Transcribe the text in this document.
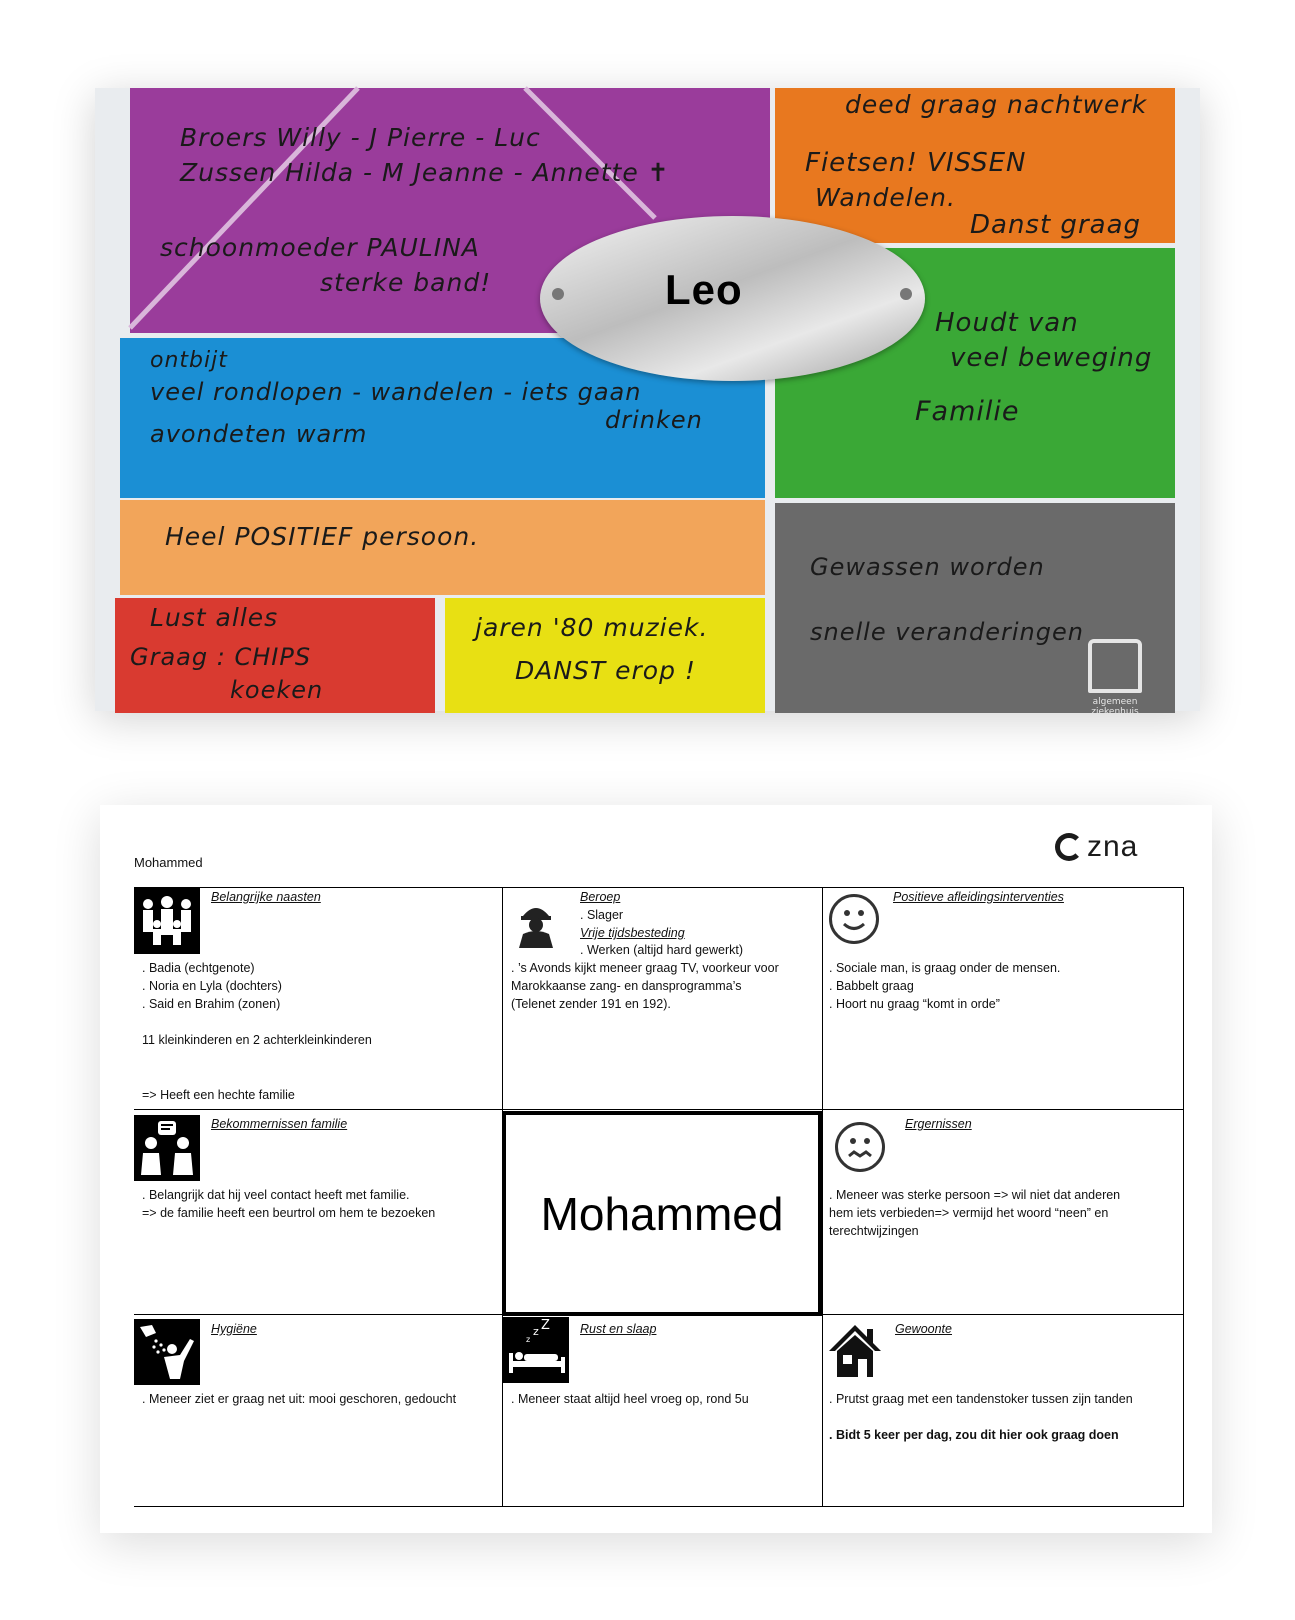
Broers Willy - J Pierre - Luc
Zussen Hilda - M Jeanne - Annette ✝
schoonmoeder PAULINA
sterke band!
deed graag nachtwerk
Fietsen! VISSEN
Wandelen.
Danst graag
Houdt van
veel beweging
Familie
ontbijt
veel rondlopen - wandelen - iets gaan
drinken
avondeten warm
Heel POSITIEF persoon.
Gewassen worden
snelle veranderingen
algemeen ziekenhuis
Lust alles
Graag : CHIPS
koeken
jaren '80 muziek.
DANST erop !
Leo
Mohammed	zna
Belangrijke naasten
. Badia (echtgenote)
. Noria en Lyla (dochters)
. Said en Brahim (zonen)
11 kleinkinderen en 2 achterkleinkinderen
=> Heeft een hechte familie
Beroep
. Slager
Vrije tijdsbesteding
. Werken (altijd hard gewerkt)
. ’s Avonds kijkt meneer graag TV, voorkeur voor
Marokkaanse zang- en dansprogramma’s
(Telenet zender 191 en 192).
Positieve afleidingsinterventies
. Sociale man, is graag onder de mensen.
. Babbelt graag
. Hoort nu graag “komt in orde”
Bekommernissen familie
. Belangrijk dat hij veel contact heeft met familie.
=> de familie heeft een beurtrol om hem te bezoeken
Ergernissen
. Meneer was sterke persoon => wil niet dat anderen
hem iets verbieden=> vermijd het woord “neen” en
terechtwijzingen
Mohammed
Hygiëne
. Meneer ziet er graag net uit: mooi geschoren, gedoucht
z Z
z
Rust en slaap
. Meneer staat altijd heel vroeg op, rond 5u
Gewoonte
. Prutst graag met een tandenstoker tussen zijn tanden
. Bidt 5 keer per dag, zou dit hier ook graag doen
